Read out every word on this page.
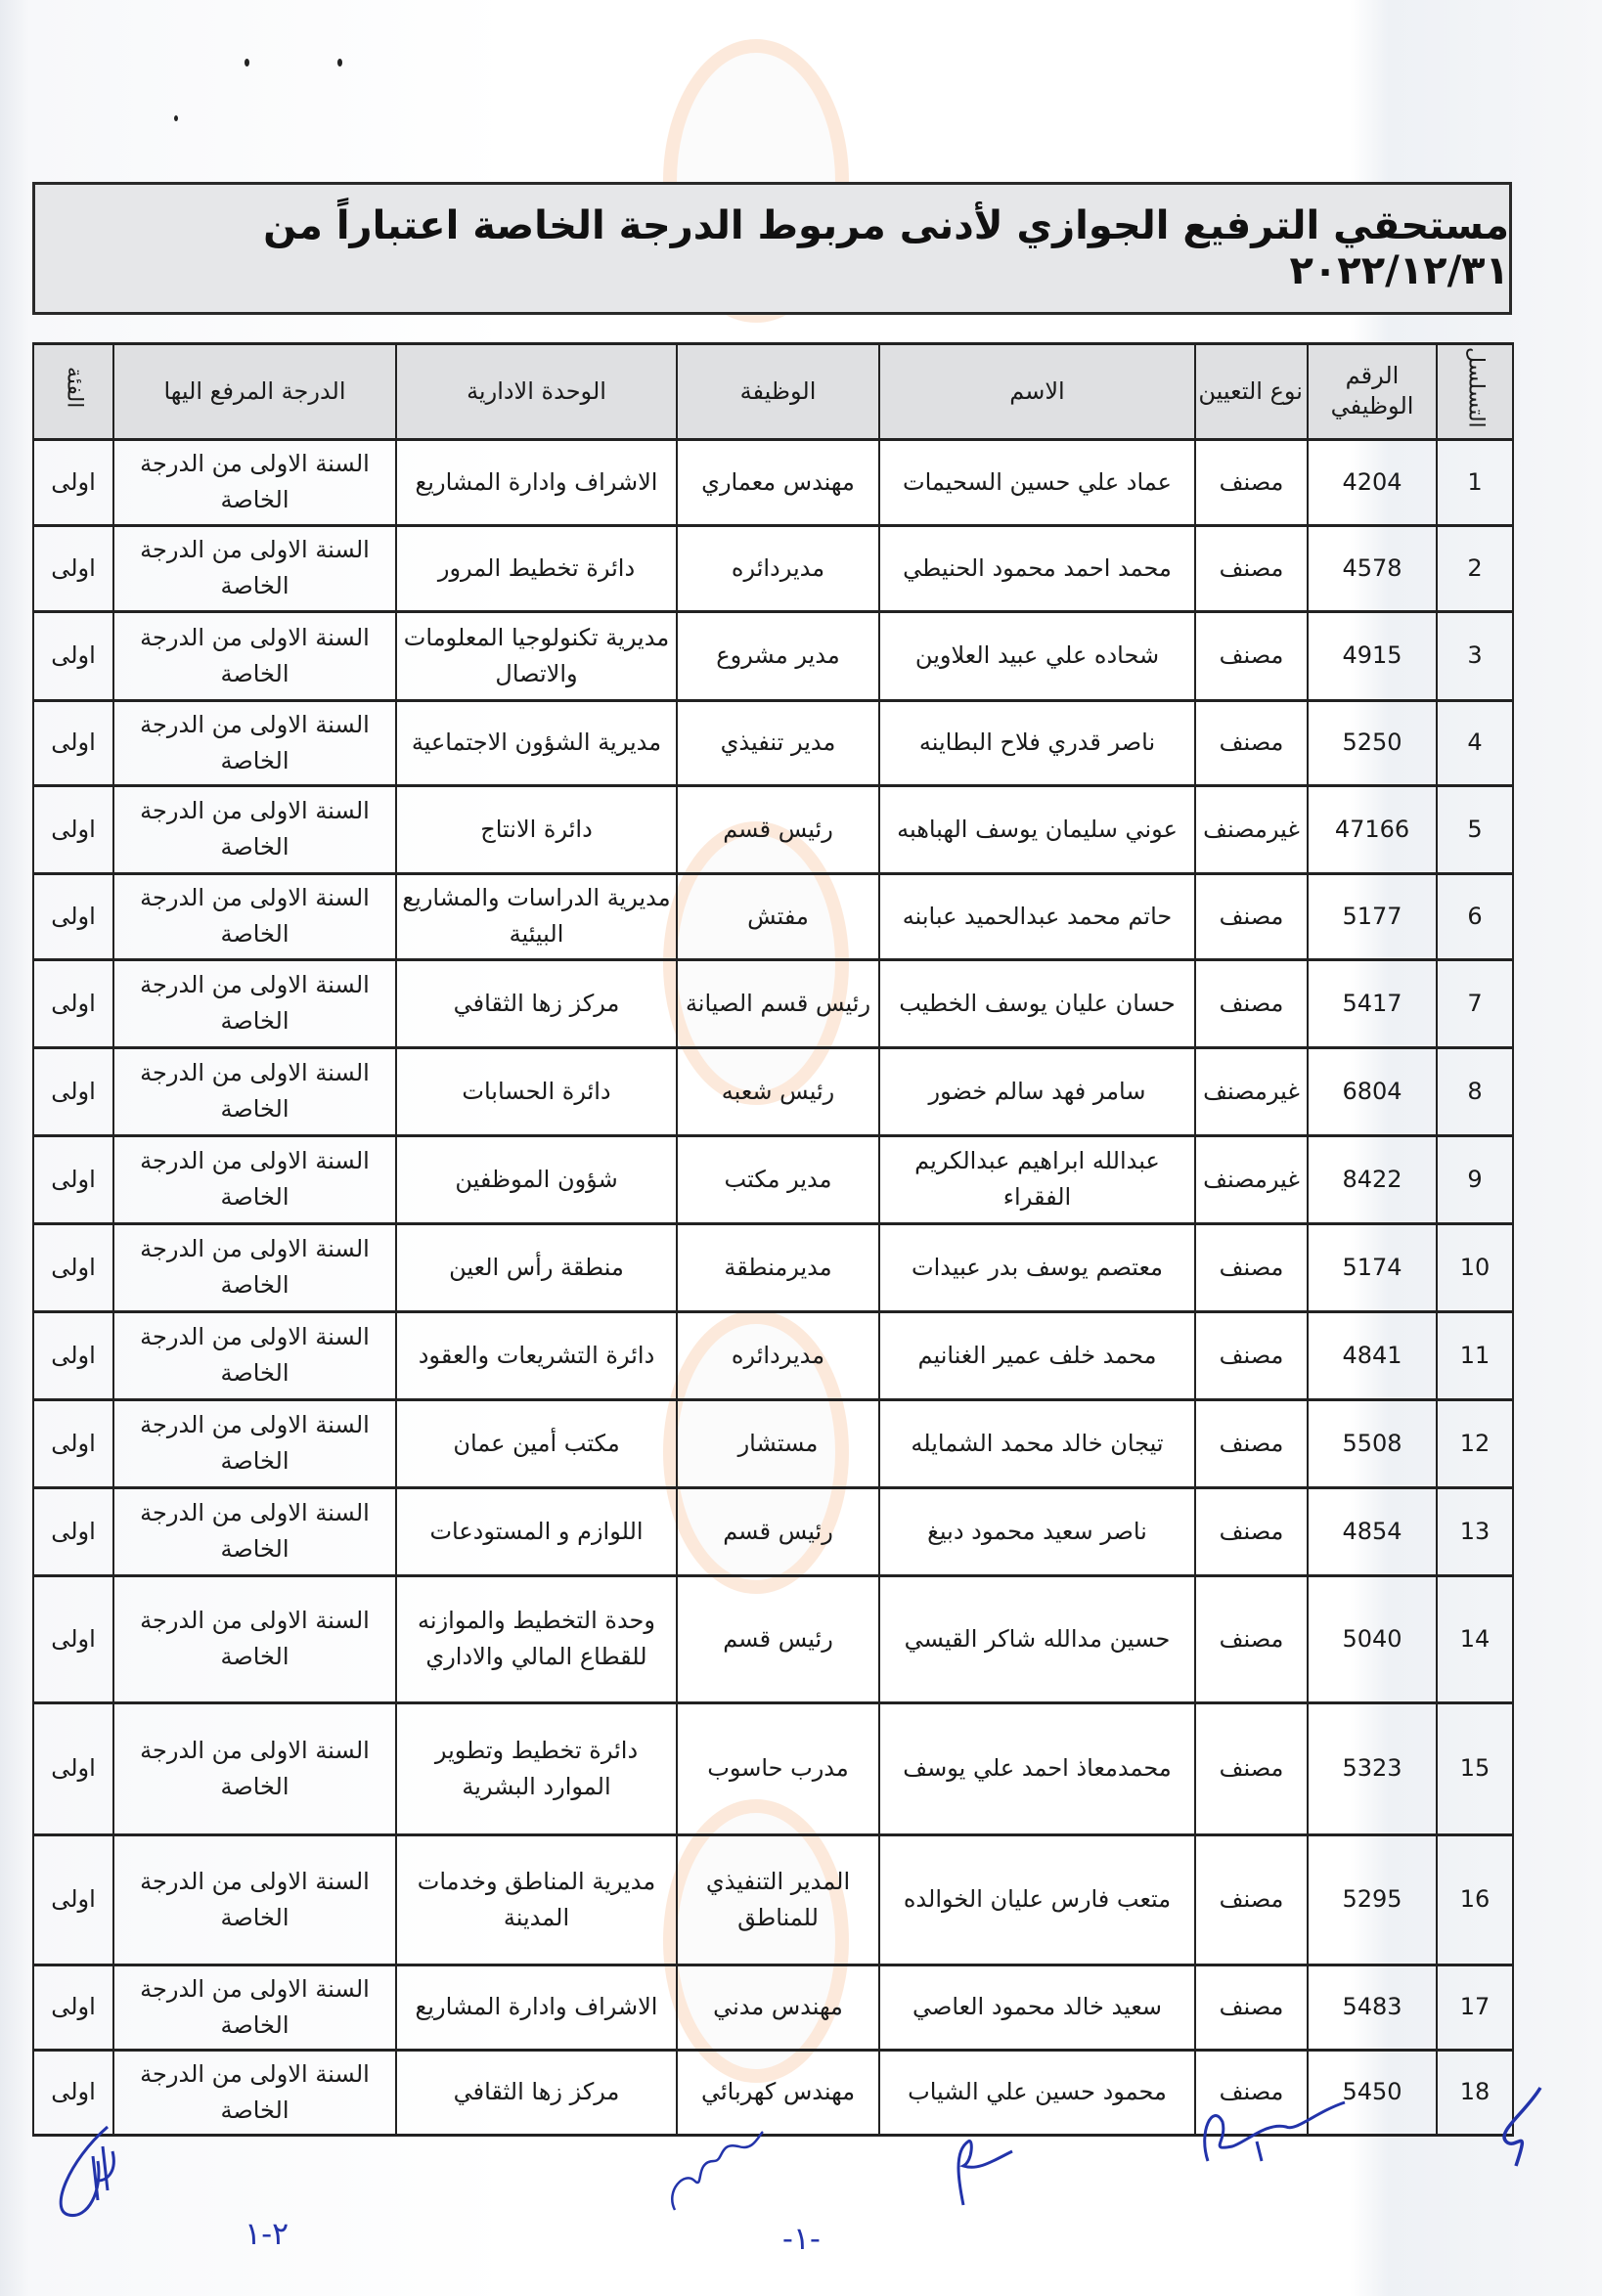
مستحقي الترفيع الجوازي لأدنى مربوط الدرجة الخاصة اعتباراً من ٢٠٢٢/١٢/٣١
التسلسل	الرقم الوظيفي	نوع التعيين	الاسم	الوظيفة	الوحدة الادارية	الدرجة المرفع اليها	الفئة
1	4204	مصنف	عماد علي حسين السحيمات	مهندس معماري	الاشراف وادارة المشاريع	السنة الاولى من الدرجة الخاصة	اولى
2	4578	مصنف	محمد احمد محمود الحنيطي	مديردائره	دائرة تخطيط المرور	السنة الاولى من الدرجة الخاصة	اولى
3	4915	مصنف	شحاده علي عبيد العلاوين	مدير مشروع	مديرية تكنولوجيا المعلومات والاتصال	السنة الاولى من الدرجة الخاصة	اولى
4	5250	مصنف	ناصر قدري فلاح البطاينه	مدير تنفيذي	مديرية الشؤون الاجتماعية	السنة الاولى من الدرجة الخاصة	اولى
5	47166	غيرمصنف	عوني سليمان يوسف الهباهبه	رئيس قسم	دائرة الانتاج	السنة الاولى من الدرجة الخاصة	اولى
6	5177	مصنف	حاتم محمد عبدالحميد عبابنه	مفتش	مديرية الدراسات والمشاريع البيئية	السنة الاولى من الدرجة الخاصة	اولى
7	5417	مصنف	حسان عليان يوسف الخطيب	رئيس قسم الصيانة	مركز زها الثقافي	السنة الاولى من الدرجة الخاصة	اولى
8	6804	غيرمصنف	سامر فهد سالم خضور	رئيس شعبه	دائرة الحسابات	السنة الاولى من الدرجة الخاصة	اولى
9	8422	غيرمصنف	عبدالله ابراهيم عبدالكريم الفقراء	مدير مكتب	شؤون الموظفين	السنة الاولى من الدرجة الخاصة	اولى
10	5174	مصنف	معتصم يوسف بدر عبيدات	مديرمنطقة	منطقة رأس العين	السنة الاولى من الدرجة الخاصة	اولى
11	4841	مصنف	محمد خلف عمير الغنانيم	مديردائره	دائرة التشريعات والعقود	السنة الاولى من الدرجة الخاصة	اولى
12	5508	مصنف	تيجان خالد محمد الشمايله	مستشار	مكتب أمين عمان	السنة الاولى من الدرجة الخاصة	اولى
13	4854	مصنف	ناصر سعيد محمود دبيغ	رئيس قسم	اللوازم و المستودعات	السنة الاولى من الدرجة الخاصة	اولى
14	5040	مصنف	حسين مدالله شاكر القيسي	رئيس قسم	وحدة التخطيط والموازنه للقطاع المالي والاداري	السنة الاولى من الدرجة الخاصة	اولى
15	5323	مصنف	محمدمعاذ احمد علي يوسف	مدرب حاسوب	دائرة تخطيط وتطوير الموارد البشرية	السنة الاولى من الدرجة الخاصة	اولى
16	5295	مصنف	متعب فارس عليان الخوالده	المدير التنفيذي للمناطق	مديرية المناطق وخدمات المدينة	السنة الاولى من الدرجة الخاصة	اولى
17	5483	مصنف	سعيد خالد محمود العاصي	مهندس مدني	الاشراف وادارة المشاريع	السنة الاولى من الدرجة الخاصة	اولى
18	5450	مصنف	محمود حسين علي الشياب	مهندس كهربائي	مركز زها الثقافي	السنة الاولى من الدرجة الخاصة	اولى
٢-١	-١-
